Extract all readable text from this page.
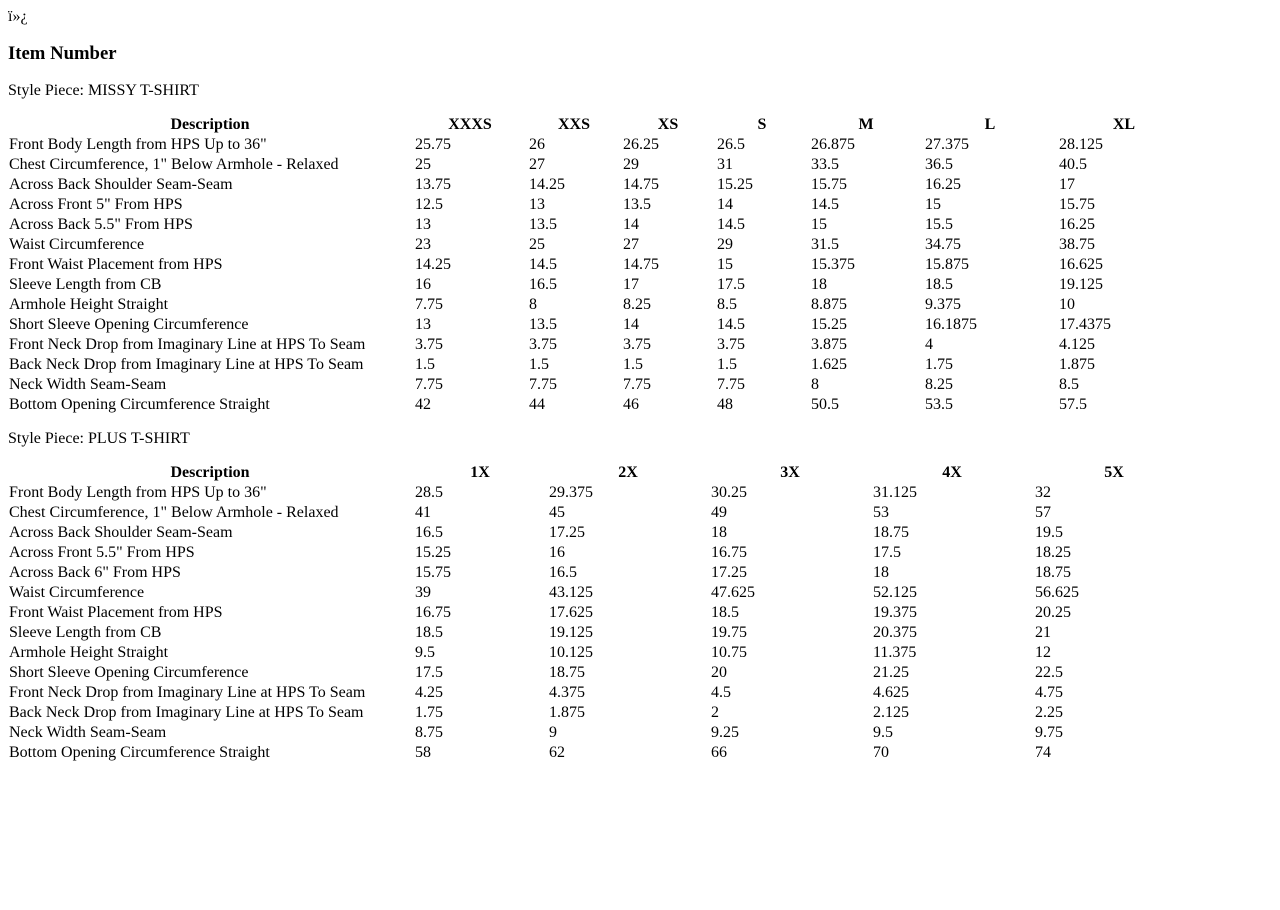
ï»¿
Item Number
Style Piece: MISSY T-SHIRT
Description	XXXS	XXS	XS	S	M	L	XL
Front Body Length from HPS Up to 36"	25.75	26	26.25	26.5	26.875	27.375	28.125
Chest Circumference, 1" Below Armhole - Relaxed	25	27	29	31	33.5	36.5	40.5
Across Back Shoulder Seam-Seam	13.75	14.25	14.75	15.25	15.75	16.25	17
Across Front 5" From HPS	12.5	13	13.5	14	14.5	15	15.75
Across Back 5.5" From HPS	13	13.5	14	14.5	15	15.5	16.25
Waist Circumference	23	25	27	29	31.5	34.75	38.75
Front Waist Placement from HPS	14.25	14.5	14.75	15	15.375	15.875	16.625
Sleeve Length from CB	16	16.5	17	17.5	18	18.5	19.125
Armhole Height Straight	7.75	8	8.25	8.5	8.875	9.375	10
Short Sleeve Opening Circumference	13	13.5	14	14.5	15.25	16.1875	17.4375
Front Neck Drop from Imaginary Line at HPS To Seam	3.75	3.75	3.75	3.75	3.875	4	4.125
Back Neck Drop from Imaginary Line at HPS To Seam	1.5	1.5	1.5	1.5	1.625	1.75	1.875
Neck Width Seam-Seam	7.75	7.75	7.75	7.75	8	8.25	8.5
Bottom Opening Circumference Straight	42	44	46	48	50.5	53.5	57.5
Style Piece: PLUS T-SHIRT
Description	1X	2X	3X	4X	5X
Front Body Length from HPS Up to 36"	28.5	29.375	30.25	31.125	32
Chest Circumference, 1" Below Armhole - Relaxed	41	45	49	53	57
Across Back Shoulder Seam-Seam	16.5	17.25	18	18.75	19.5
Across Front 5.5" From HPS	15.25	16	16.75	17.5	18.25
Across Back 6" From HPS	15.75	16.5	17.25	18	18.75
Waist Circumference	39	43.125	47.625	52.125	56.625
Front Waist Placement from HPS	16.75	17.625	18.5	19.375	20.25
Sleeve Length from CB	18.5	19.125	19.75	20.375	21
Armhole Height Straight	9.5	10.125	10.75	11.375	12
Short Sleeve Opening Circumference	17.5	18.75	20	21.25	22.5
Front Neck Drop from Imaginary Line at HPS To Seam	4.25	4.375	4.5	4.625	4.75
Back Neck Drop from Imaginary Line at HPS To Seam	1.75	1.875	2	2.125	2.25
Neck Width Seam-Seam	8.75	9	9.25	9.5	9.75
Bottom Opening Circumference Straight	58	62	66	70	74
